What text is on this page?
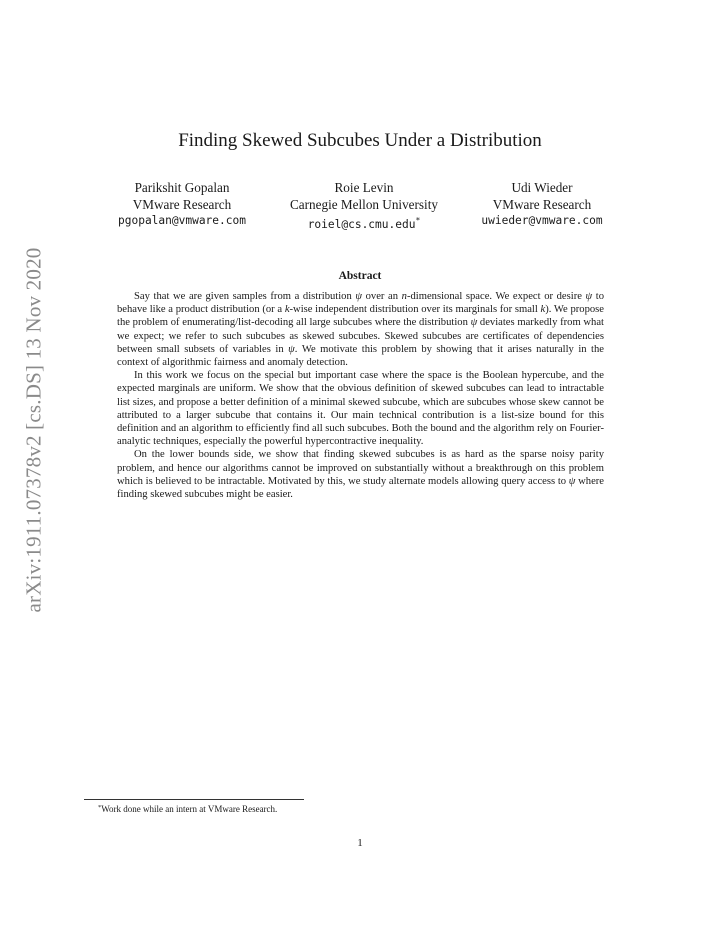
arXiv:1911.07378v2 [cs.DS] 13 Nov 2020
Finding Skewed Subcubes Under a Distribution
Parikshit Gopalan
VMware Research
pgopalan@vmware.com
Roie Levin
Carnegie Mellon University
roiel@cs.cmu.edu*
Udi Wieder
VMware Research
uwieder@vmware.com
Abstract

Say that we are given samples from a distribution ψ over an n-dimensional space. We expect or desire ψ to behave like a product distribution (or a k-wise independent distribution over its marginals for small k). We propose the problem of enumerating/list-decoding all large subcubes where the distribution ψ deviates markedly from what we expect; we refer to such subcubes as skewed subcubes. Skewed subcubes are certificates of dependencies between small subsets of variables in ψ. We motivate this problem by showing that it arises naturally in the context of algorithmic fairness and anomaly detection.

In this work we focus on the special but important case where the space is the Boolean hypercube, and the expected marginals are uniform. We show that the obvious definition of skewed subcubes can lead to intractable list sizes, and propose a better definition of a minimal skewed subcube, which are subcubes whose skew cannot be attributed to a larger subcube that contains it. Our main technical contribution is a list-size bound for this definition and an algorithm to efficiently find all such subcubes. Both the bound and the algorithm rely on Fourier-analytic techniques, especially the powerful hypercontractive inequality.

On the lower bounds side, we show that finding skewed subcubes is as hard as the sparse noisy parity problem, and hence our algorithms cannot be improved on substantially without a breakthrough on this problem which is believed to be intractable. Motivated by this, we study alternate models allowing query access to ψ where finding skewed subcubes might be easier.

*Work done while an intern at VMware Research.
1
